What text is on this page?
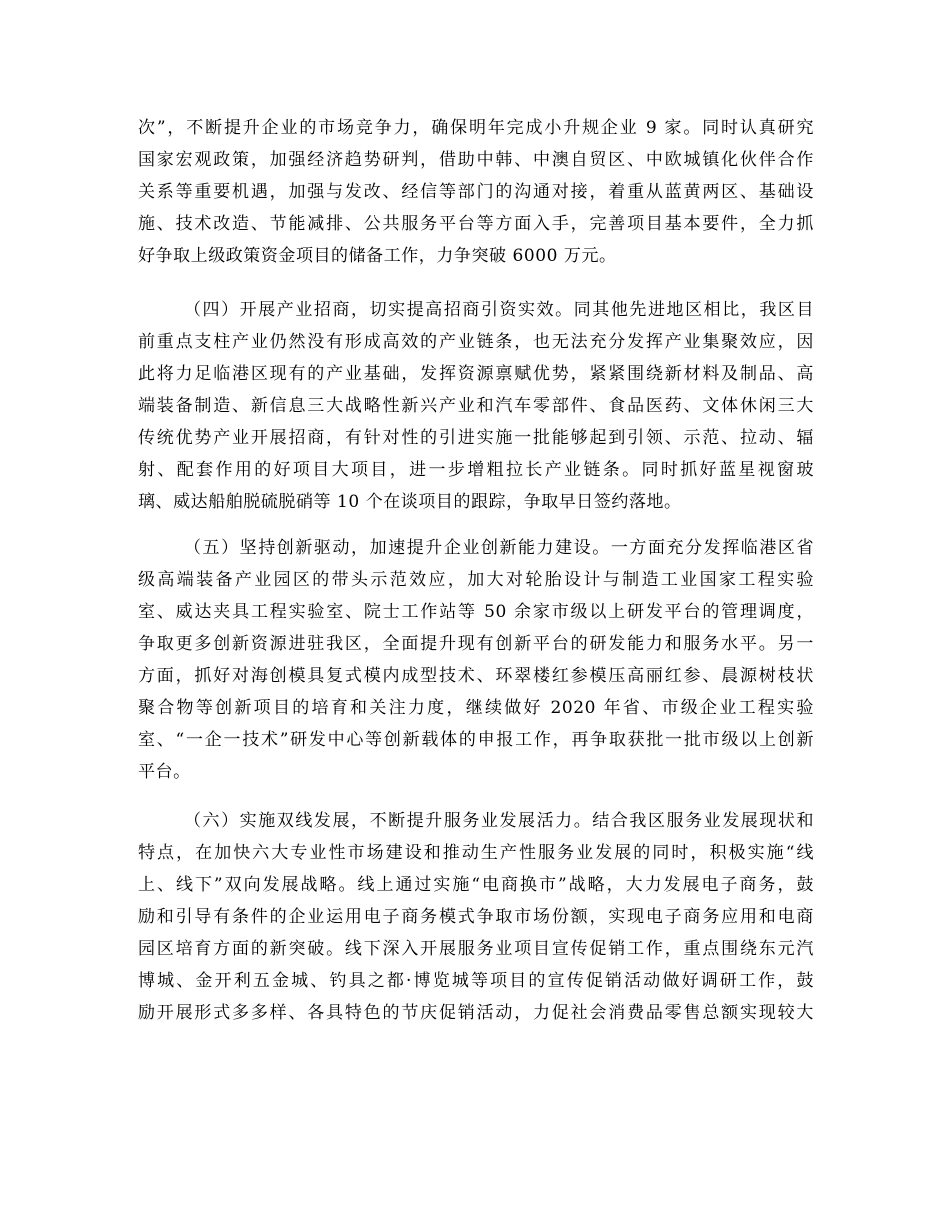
次”，不断提升企业的市场竞争力，确保明年完成小升规企业 9 家。同时认真研究
国家宏观政策，加强经济趋势研判，借助中韩、中澳自贸区、中欧城镇化伙伴合作
关系等重要机遇，加强与发改、经信等部门的沟通对接，着重从蓝黄两区、基础设
施、技术改造、节能减排、公共服务平台等方面入手，完善项目基本要件，全力抓
好争取上级政策资金项目的储备工作，力争突破 6000 万元。
（四）开展产业招商，切实提高招商引资实效。同其他先进地区相比，我区目
前重点支柱产业仍然没有形成高效的产业链条，也无法充分发挥产业集聚效应，因
此将力足临港区现有的产业基础，发挥资源禀赋优势，紧紧围绕新材料及制品、高
端装备制造、新信息三大战略性新兴产业和汽车零部件、食品医药、文体休闲三大
传统优势产业开展招商，有针对性的引进实施一批能够起到引领、示范、拉动、辐
射、配套作用的好项目大项目，进一步增粗拉长产业链条。同时抓好蓝星视窗玻
璃、威达船舶脱硫脱硝等 10 个在谈项目的跟踪，争取早日签约落地。
（五）坚持创新驱动，加速提升企业创新能力建设。一方面充分发挥临港区省
级高端装备产业园区的带头示范效应，加大对轮胎设计与制造工业国家工程实验
室、威达夹具工程实验室、院士工作站等 50 余家市级以上研发平台的管理调度，
争取更多创新资源进驻我区，全面提升现有创新平台的研发能力和服务水平。另一
方面，抓好对海创模具复式模内成型技术、环翠楼红参模压高丽红参、晨源树枝状
聚合物等创新项目的培育和关注力度，继续做好 2020 年省、市级企业工程实验
室、“一企一技术”研发中心等创新载体的申报工作，再争取获批一批市级以上创新
平台。
（六）实施双线发展，不断提升服务业发展活力。结合我区服务业发展现状和
特点，在加快六大专业性市场建设和推动生产性服务业发展的同时，积极实施“线
上、线下”双向发展战略。线上通过实施“电商换市”战略，大力发展电子商务，鼓
励和引导有条件的企业运用电子商务模式争取市场份额，实现电子商务应用和电商
园区培育方面的新突破。线下深入开展服务业项目宣传促销工作，重点围绕东元汽
博城、金开利五金城、钓具之都·博览城等项目的宣传促销活动做好调研工作，鼓
励开展形式多多样、各具特色的节庆促销活动，力促社会消费品零售总额实现较大
